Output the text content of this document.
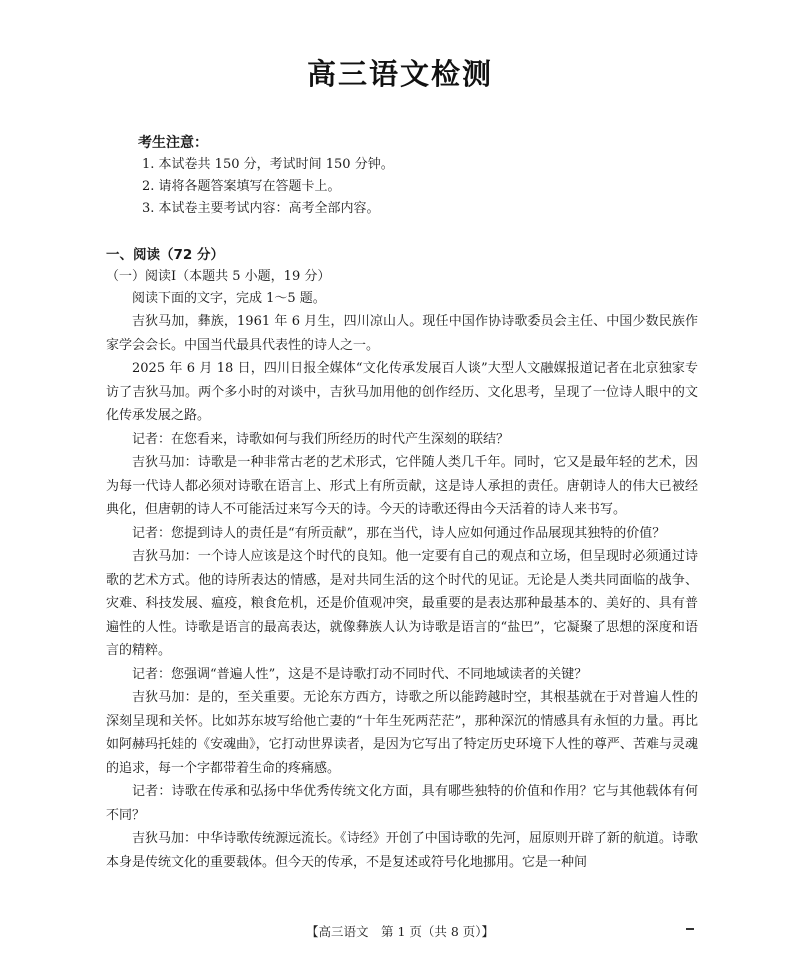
高三语文检测
考生注意：
1. 本试卷共 150 分，考试时间 150 分钟。
2. 请将各题答案填写在答题卡上。
3. 本试卷主要考试内容：高考全部内容。
一、阅读（72 分）
（一）阅读Ⅰ（本题共 5 小题，19 分）

阅读下面的文字，完成 1～5 题。

吉狄马加，彝族，1961 年 6 月生，四川凉山人。现任中国作协诗歌委员会主任、中国少数民族作家学会会长。中国当代最具代表性的诗人之一。

2025 年 6 月 18 日，四川日报全媒体“文化传承发展百人谈”大型人文融媒报道记者在北京独家专访了吉狄马加。两个多小时的对谈中，吉狄马加用他的创作经历、文化思考，呈现了一位诗人眼中的文化传承发展之路。

记者：在您看来，诗歌如何与我们所经历的时代产生深刻的联结？

吉狄马加：诗歌是一种非常古老的艺术形式，它伴随人类几千年。同时，它又是最年轻的艺术，因为每一代诗人都必须对诗歌在语言上、形式上有所贡献，这是诗人承担的责任。唐朝诗人的伟大已被经典化，但唐朝的诗人不可能活过来写今天的诗。今天的诗歌还得由今天活着的诗人来书写。

记者：您提到诗人的责任是“有所贡献”，那在当代，诗人应如何通过作品展现其独特的价值？

吉狄马加：一个诗人应该是这个时代的良知。他一定要有自己的观点和立场，但呈现时必须通过诗歌的艺术方式。他的诗所表达的情感，是对共同生活的这个时代的见证。无论是人类共同面临的战争、灾难、科技发展、瘟疫，粮食危机，还是价值观冲突，最重要的是表达那种最基本的、美好的、具有普遍性的人性。诗歌是语言的最高表达，就像彝族人认为诗歌是语言的“盐巴”，它凝聚了思想的深度和语言的精粹。

记者：您强调“普遍人性”，这是不是诗歌打动不同时代、不同地域读者的关键？

吉狄马加：是的，至关重要。无论东方西方，诗歌之所以能跨越时空，其根基就在于对普遍人性的深刻呈现和关怀。比如苏东坡写给他亡妻的“十年生死两茫茫”，那种深沉的情感具有永恒的力量。再比如阿赫玛托娃的《安魂曲》，它打动世界读者，是因为它写出了特定历史环境下人性的尊严、苦难与灵魂的追求，每一个字都带着生命的疼痛感。

记者：诗歌在传承和弘扬中华优秀传统文化方面，具有哪些独特的价值和作用？它与其他载体有何不同？

吉狄马加：中华诗歌传统源远流长。《诗经》开创了中国诗歌的先河，屈原则开辟了新的航道。诗歌本身是传统文化的重要载体。但今天的传承，不是复述或符号化地挪用。它是一种间

【高三语文　第 1 页（共 8 页）】
